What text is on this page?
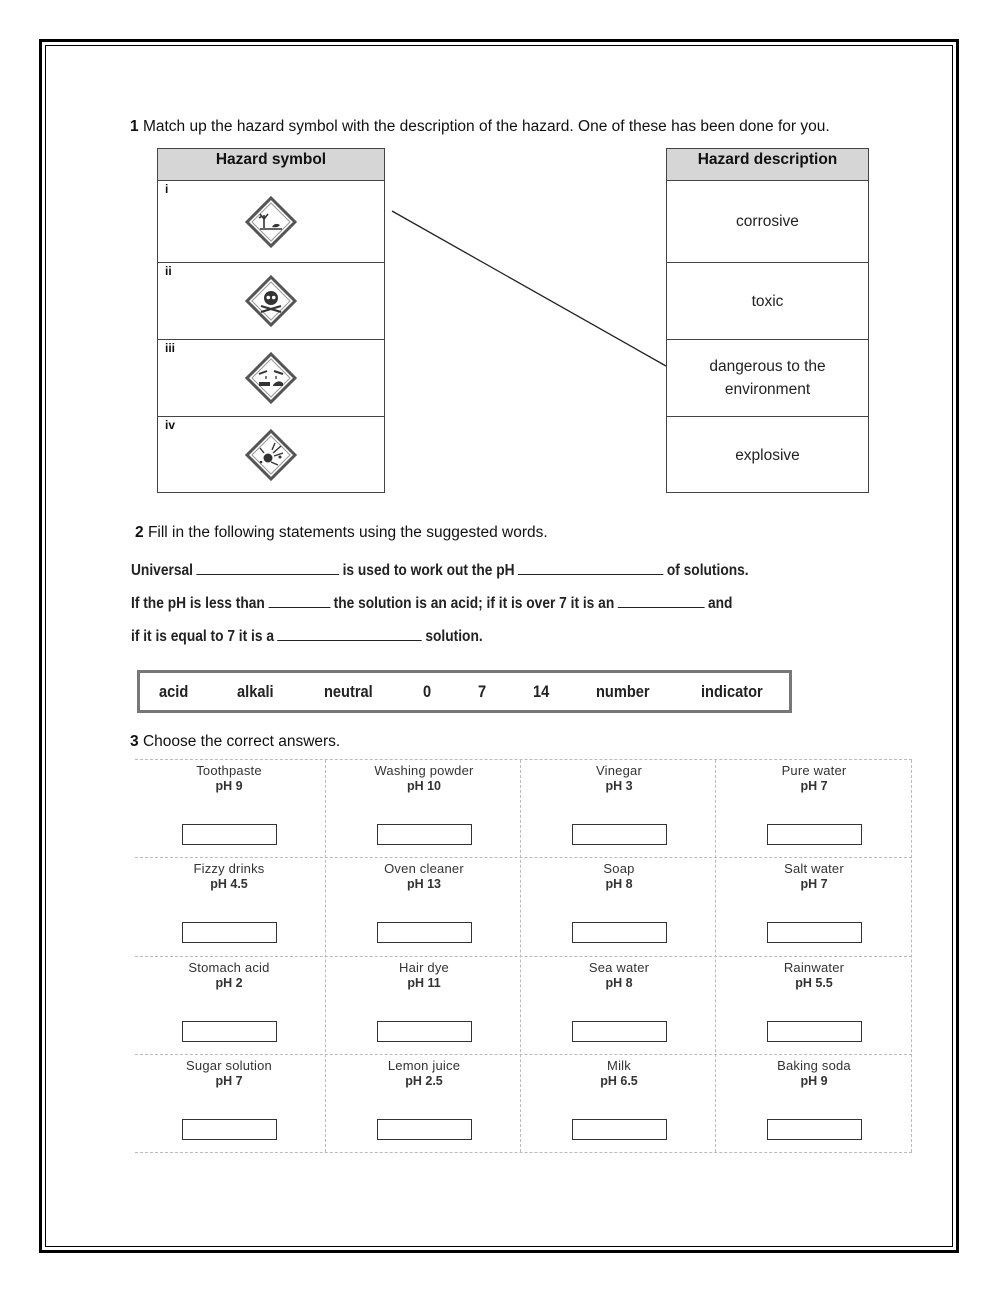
1 Match up the hazard symbol with the description of the hazard. One of these has been done for you.
Hazard symbol
i
ii
iii
iv
Hazard description
corrosive
toxic
dangerous to the environment
explosive
2 Fill in the following statements using the suggested words.
Universal	is used to work out the pH	of solutions.
If the pH is less than	the solution is an acid; if it is over 7 it is an	and
if it is equal to 7 it is a	solution.
acid	alkali	neutral	0	7	14	number	indicator
3 Choose the correct answers.
Toothpaste
pH 9
Washing powder
pH 10
Vinegar
pH 3
Pure water
pH 7
Fizzy drinks
pH 4.5
Oven cleaner
pH 13
Soap
pH 8
Salt water
pH 7
Stomach acid
pH 2
Hair dye
pH 11
Sea water
pH 8
Rainwater
pH 5.5
Sugar solution
pH 7
Lemon juice
pH 2.5
Milk
pH 6.5
Baking soda
pH 9
